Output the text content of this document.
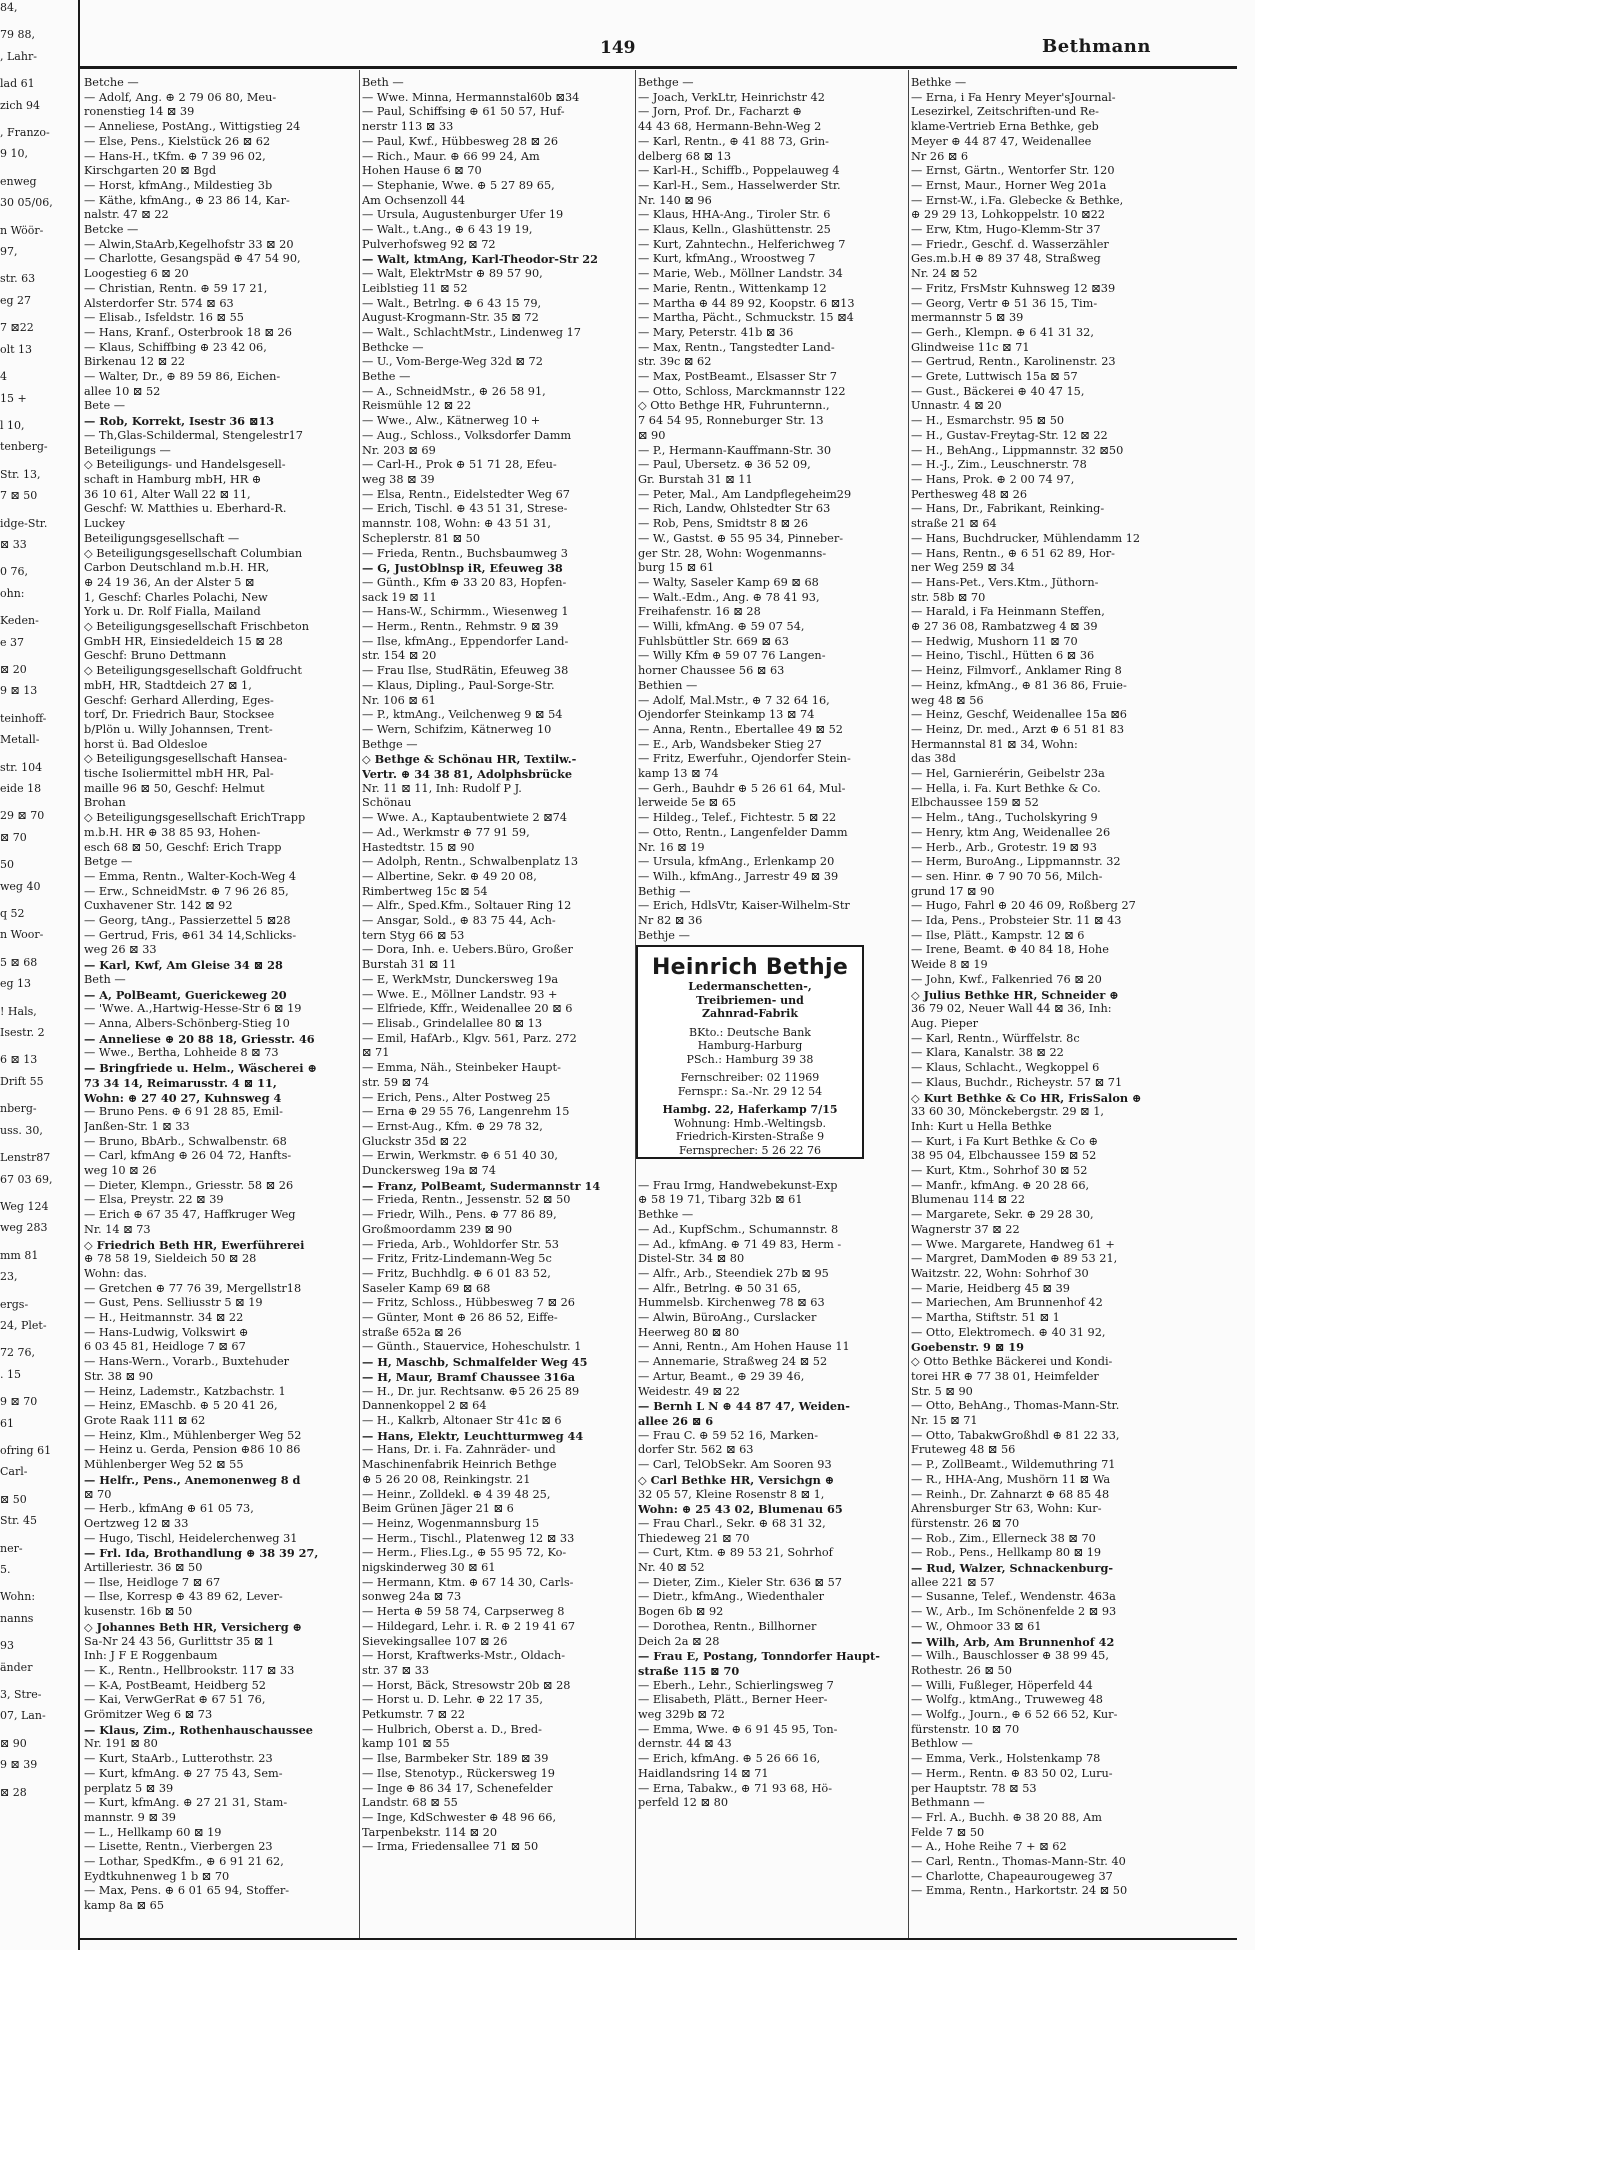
84,
79 88,
, Lahr-
lad 61
zich 94
, Franzo-
9 10,
enweg
30 05/06,
n Wöör-
97,
str. 63
eg 27
7 ⊠22
olt 13
4
15 +
l 10,
tenberg-
Str. 13,
7 ⊠ 50
idge-Str.
⊠ 33
0 76,
ohn:
Keden-
e 37
⊠ 20
9 ⊠ 13
teinhoff-
Metall-
str. 104
eide 18
29 ⊠ 70
⊠ 70
50
weg 40
q 52
n Woor-
5 ⊠ 68
eg 13
! Hals,
Isestr. 2
6 ⊠ 13
Drift 55
nberg-
uss. 30,
Lenstr87
67 03 69,
Weg 124
weg 283
mm 81
23,
ergs-
24, Plet-
72 76,
. 15
9 ⊠ 70
61
ofring 61
Carl-
⊠ 50
Str. 45
ner-
5.
Wohn:
nanns
93
änder
3, Stre-
07, Lan-
⊠ 90
9 ⊠ 39
⊠ 28
149	Bethmann
Betche —
— Adolf, Ang. ⊕ 2 79 06 80, Meu-
ronenstieg 14 ⊠ 39
— Anneliese, PostAng., Wittigstieg 24
— Else, Pens., Kielstück 26 ⊠ 62
— Hans-H., tKfm. ⊕ 7 39 96 02,
Kirschgarten 20 ⊠ Bgd
— Horst, kfmAng., Mildestieg 3b
— Käthe, kfmAng., ⊕ 23 86 14, Kar-
nalstr. 47 ⊠ 22
Betcke —
— Alwin,StaArb,Kegelhofstr 33 ⊠ 20
— Charlotte, Gesangspäd ⊕ 47 54 90,
Loogestieg 6 ⊠ 20
— Christian, Rentn. ⊕ 59 17 21,
Alsterdorfer Str. 574 ⊠ 63
— Elisab., Isfeldstr. 16 ⊠ 55
— Hans, Kranf., Osterbrook 18 ⊠ 26
— Klaus, Schiffbing ⊕ 23 42 06,
Birkenau 12 ⊠ 22
— Walter, Dr., ⊕ 89 59 86, Eichen-
allee 10 ⊠ 52
Bete —
— Rob, Korrekt, Isestr 36 ⊠13
— Th,Glas-Schildermal, Stengelestr17
Beteiligungs —
◇ Beteiligungs- und Handelsgesell-
schaft in Hamburg mbH, HR ⊕
36 10 61, Alter Wall 22 ⊠ 11,
Geschf: W. Matthies u. Eberhard-R.
Luckey
Beteiligungsgesellschaft —
◇ Beteiligungsgesellschaft Columbian
Carbon Deutschland m.b.H. HR,
⊕ 24 19 36, An der Alster 5 ⊠
1, Geschf: Charles Polachi, New
York u. Dr. Rolf Fialla, Mailand
◇ Beteiligungsgesellschaft Frischbeton
GmbH HR, Einsiedeldeich 15 ⊠ 28
Geschf: Bruno Dettmann
◇ Beteiligungsgesellschaft Goldfrucht
mbH, HR, Stadtdeich 27 ⊠ 1,
Geschf: Gerhard Allerding, Eges-
torf, Dr. Friedrich Baur, Stocksee
b/Plön u. Willy Johannsen, Trent-
horst ü. Bad Oldesloe
◇ Beteiligungsgesellschaft Hanseа-
tische Isoliermittel mbH HR, Pal-
maille 96 ⊠ 50, Geschf: Helmut
Brohan
◇ Beteiligungsgesellschaft ErichTrapp
m.b.H. HR ⊕ 38 85 93, Hohen-
esch 68 ⊠ 50, Geschf: Erich Trapp
Betge —
— Emma, Rentn., Walter-Koch-Weg 4
— Erw., SchneidMstr. ⊕ 7 96 26 85,
Cuxhavener Str. 142 ⊠ 92
— Georg, tAng., Passierzettel 5 ⊠28
— Gertrud, Fris, ⊕61 34 14,Schlicks-
weg 26 ⊠ 33
— Karl, Kwf, Am Gleise 34 ⊠ 28
Beth —
— A, PolBeamt, Guerickeweg 20
— 'Wwe. A.,Hartwig-Hesse-Str 6 ⊠ 19
— Anna, Albers-Schönberg-Stieg 10
— Anneliese ⊕ 20 88 18, Griesstr. 46
— Wwe., Bertha, Lohheide 8 ⊠ 73
— Bringfriede u. Helm., Wäscherei ⊕
73 34 14, Reimarusstr. 4 ⊠ 11,
Wohn: ⊕ 27 40 27, Kuhnsweg 4
— Bruno Pens. ⊕ 6 91 28 85, Emil-
Janßen-Str. 1 ⊠ 33
— Bruno, BbArb., Schwalbenstr. 68
— Carl, kfmAng ⊕ 26 04 72, Hanfts-
weg 10 ⊠ 26
— Dieter, Klempn., Griesstr. 58 ⊠ 26
— Elsa, Preystr. 22 ⊠ 39
— Erich ⊕ 67 35 47, Haffkruger Weg
Nr. 14 ⊠ 73
◇ Friedrich Beth HR, Ewerführerei
⊕ 78 58 19, Sieldeich 50 ⊠ 28
Wohn: das.
— Gretchen ⊕ 77 76 39, Mergellstr18
— Gust, Pens. Selliusstr 5 ⊠ 19
— H., Heitmannstr. 34 ⊠ 22
— Hans-Ludwig, Volkswirt ⊕
6 03 45 81, Heidloge 7 ⊠ 67
— Hans-Wern., Vorarb., Buxtehuder
Str. 38 ⊠ 90
— Heinz, Lademstr., Katzbachstr. 1
— Heinz, EMaschb. ⊕ 5 20 41 26,
Grote Raak 111 ⊠ 62
— Heinz, Klm., Mühlenberger Weg 52
— Heinz u. Gerda, Pension ⊕86 10 86
Mühlenberger Weg 52 ⊠ 55
— Helfr., Pens., Anemonenweg 8 d
⊠ 70
— Herb., kfmAng ⊕ 61 05 73,
Oertzweg 12 ⊠ 33
— Hugo, Tischl, Heidelerchenweg 31
— Frl. Ida, Brothandlung ⊕ 38 39 27,
Artilleriestr. 36 ⊠ 50
— Ilse, Heidloge 7 ⊠ 67
— Ilse, Korresp ⊕ 43 89 62, Lever-
kusenstr. 16b ⊠ 50
◇ Johannes Beth HR, Versicherg ⊕
Sa-Nr 24 43 56, Gurlittstr 35 ⊠ 1
Inh: J F E Roggenbaum
— K., Rentn., Hellbrookstr. 117 ⊠ 33
— K-A, PostBeamt, Heidberg 52
— Kai, VerwGerRat ⊕ 67 51 76,
Grömitzer Weg 6 ⊠ 73
— Klaus, Zim., Rothenhausсhaussee
Nr. 191 ⊠ 80
— Kurt, StaArb., Lutterothstr. 23
— Kurt, kfmAng. ⊕ 27 75 43, Sem-
perplatz 5 ⊠ 39
— Kurt, kfmAng. ⊕ 27 21 31, Stam-
mannstr. 9 ⊠ 39
— L., Hellkamp 60 ⊠ 19
— Lisette, Rentn., Vierbergen 23
— Lothar, SpedKfm., ⊕ 6 91 21 62,
Eydtkuhnenweg 1 b ⊠ 70
— Max, Pens. ⊕ 6 01 65 94, Stoffer-
kamp 8a ⊠ 65
Beth —
— Wwe. Minna, Hermannstal60b ⊠34
— Paul, Schiffsing ⊕ 61 50 57, Huf-
nerstr 113 ⊠ 33
— Paul, Kwf., Hübbesweg 28 ⊠ 26
— Rich., Maur. ⊕ 66 99 24, Am
Hohen Hause 6 ⊠ 70
— Stephanie, Wwe. ⊕ 5 27 89 65,
Am Ochsenzoll 44
— Ursula, Augustenburger Ufer 19
— Walt., t.Ang., ⊕ 6 43 19 19,
Pulverhofsweg 92 ⊠ 72
— Walt, ktmAng, Karl-Theodor-Str 22
— Walt, ElektrMstr ⊕ 89 57 90,
Leiblstieg 11 ⊠ 52
— Walt., Betrlng. ⊕ 6 43 15 79,
August-Krogmann-Str. 35 ⊠ 72
— Walt., SchlachtMstr., Lindenweg 17
Bethcke —
— U., Vom-Berge-Weg 32d ⊠ 72
Bethe —
— A., SchneidMstr., ⊕ 26 58 91,
Reismühle 12 ⊠ 22
— Wwe., Alw., Kätnerweg 10 +
— Aug., Schloss., Volksdorfer Damm
Nr. 203 ⊠ 69
— Carl-H., Prok ⊕ 51 71 28, Efeu-
weg 38 ⊠ 39
— Elsa, Rentn., Eidelstedter Weg 67
— Erich, Tischl. ⊕ 43 51 31, Strese-
mannstr. 108, Wohn: ⊕ 43 51 31,
Scheplerstr. 81 ⊠ 50
— Frieda, Rentn., Buchsbaumweg 3
— G, JustOblnsp iR, Efeuweg 38
— Günth., Kfm ⊕ 33 20 83, Hopfen-
sack 19 ⊠ 11
— Hans-W., Schirmm., Wiesenweg 1
— Herm., Rentn., Rehmstr. 9 ⊠ 39
— Ilse, kfmAng., Eppendorfer Land-
str. 154 ⊠ 20
— Frau Ilse, StudRätin, Efeuweg 38
— Klaus, Dipling., Paul-Sorge-Str.
Nr. 106 ⊠ 61
— P., ktmAng., Veilchenweg 9 ⊠ 54
— Wern, Schifzim, Kätnerweg 10
Bethge —
◇ Bethge & Schönau HR, Textilw.-
Vertr. ⊕ 34 38 81, Adolphsbrücke
Nr. 11 ⊠ 11, Inh: Rudolf P J.
Schönau
— Wwe. A., Kaptaubentwiete 2 ⊠74
— Ad., Werkmstr ⊕ 77 91 59,
Hastedtstr. 15 ⊠ 90
— Adolph, Rentn., Schwalbenplatz 13
— Albertine, Sekr. ⊕ 49 20 08,
Rimbertweg 15c ⊠ 54
— Alfr., Sped.Kfm., Soltauer Ring 12
— Ansgar, Sold., ⊕ 83 75 44, Ach-
tern Styg 66 ⊠ 53
— Dora, Inh. e. Uebers.Büro, Großer
Burstah 31 ⊠ 11
— E, WerkMstr, Dunckersweg 19a
— Wwe. E., Möllner Landstr. 93 +
— Elfriede, Kffr., Weidenallee 20 ⊠ 6
— Elisab., Grindelallee 80 ⊠ 13
— Emil, HafArb., Klgv. 561, Parz. 272
⊠ 71
— Emma, Näh., Steinbeker Haupt-
str. 59 ⊠ 74
— Erich, Pens., Alter Postweg 25
— Erna ⊕ 29 55 76, Langenrehm 15
— Ernst-Aug., Kfm. ⊕ 29 78 32,
Gluckstr 35d ⊠ 22
— Erwin, Werkmstr. ⊕ 6 51 40 30,
Dunckersweg 19a ⊠ 74
— Franz, PolBeamt, Sudermannstr 14
— Frieda, Rentn., Jessenstr. 52 ⊠ 50
— Friedr, Wilh., Pens. ⊕ 77 86 89,
Großmoordamm 239 ⊠ 90
— Frieda, Arb., Wohldorfer Str. 53
— Fritz, Fritz-Lindemann-Weg 5c
— Fritz, Buchhdlg. ⊕ 6 01 83 52,
Saseler Kamp 69 ⊠ 68
— Fritz, Schloss., Hübbesweg 7 ⊠ 26
— Günter, Mont ⊕ 26 86 52, Eiffe-
straße 652a ⊠ 26
— Günth., Stauervice, Hoheschulstr. 1
— H, Maschb, Schmalfelder Weg 45
— H, Maur, Bramf Chaussee 316a
— H., Dr. jur. Rechtsanw. ⊕5 26 25 89
Dannenkoppel 2 ⊠ 64
— H., Kalkrb, Altonaer Str 41c ⊠ 6
— Hans, Elektr, Leuchtturmweg 44
— Hans, Dr. i. Fa. Zahnräder- und
Maschinenfabrik Heinrich Bethge
⊕ 5 26 20 08, Reinkingstr. 21
— Heinr., Zolldekl. ⊕ 4 39 48 25,
Beim Grünen Jäger 21 ⊠ 6
— Heinz, Wogenmannsburg 15
— Herm., Tischl., Platenweg 12 ⊠ 33
— Herm., Flies.Lg., ⊕ 55 95 72, Ko-
nigskinderweg 30 ⊠ 61
— Hermann, Ktm. ⊕ 67 14 30, Carls-
sonweg 24a ⊠ 73
— Herta ⊕ 59 58 74, Carpserweg 8
— Hildegard, Lehr. i. R. ⊕ 2 19 41 67
Sievekingsallee 107 ⊠ 26
— Horst, Kraftwerks-Mstr., Oldach-
str. 37 ⊠ 33
— Horst, Bäck, Stresowstr 20b ⊠ 28
— Horst u. D. Lehr. ⊕ 22 17 35,
Petkumstr. 7 ⊠ 22
— Hulbrich, Oberst a. D., Bred-
kamp 101 ⊠ 55
— Ilse, Barmbeker Str. 189 ⊠ 39
— Ilse, Stenotyp., Rückersweg 19
— Inge ⊕ 86 34 17, Schenefelder
Landstr. 68 ⊠ 55
— Inge, KdSchwester ⊕ 48 96 66,
Tarpenbekstr. 114 ⊠ 20
— Irma, Friedensallee 71 ⊠ 50
Bethge —
— Joach, VerkLtr, Heinrichstr 42
— Jorn, Prof. Dr., Facharzt ⊕
44 43 68, Hermann-Behn-Weg 2
— Karl, Rentn., ⊕ 41 88 73, Grin-
delberg 68 ⊠ 13
— Karl-H., Schiffb., Poppelauweg 4
— Karl-H., Sem., Hasselwerder Str.
Nr. 140 ⊠ 96
— Klaus, HHA-Ang., Tiroler Str. 6
— Klaus, Kelln., Glashüttenstr. 25
— Kurt, Zahntechn., Helferichweg 7
— Kurt, kfmAng., Wroostweg 7
— Marie, Web., Möllner Landstr. 34
— Marie, Rentn., Wittenkamp 12
— Martha ⊕ 44 89 92, Koopstr. 6 ⊠13
— Martha, Pächt., Schmuckstr. 15 ⊠4
— Mary, Peterstr. 41b ⊠ 36
— Max, Rentn., Tangstedter Land-
str. 39c ⊠ 62
— Max, PostBeamt., Elsasser Str 7
— Otto, Schloss, Marckmannstr 122
◇ Otto Bethge HR, Fuhrunternn.,
7 64 54 95, Ronneburger Str. 13
⊠ 90
— P., Hermann-Kauffmann-Str. 30
— Paul, Ubersetz. ⊕ 36 52 09,
Gr. Burstah 31 ⊠ 11
— Peter, Mal., Am Landpflegeheim29
— Rich, Landw, Ohlstedter Str 63
— Rob, Pens, Smidtstr 8 ⊠ 26
— W., Gastst. ⊕ 55 95 34, Pinnеber-
ger Str. 28, Wohn: Wogenmanns-
burg 15 ⊠ 61
— Walty, Saseler Kamp 69 ⊠ 68
— Walt.-Edm., Ang. ⊕ 78 41 93,
Freihafenstr. 16 ⊠ 28
— Willi, kfmAng. ⊕ 59 07 54,
Fuhlsbüttler Str. 669 ⊠ 63
— Willy Kfm ⊕ 59 07 76 Langen-
horner Chaussee 56 ⊠ 63
Bethien —
— Adolf, Mal.Mstr., ⊕ 7 32 64 16,
Ojendorfer Steinkamp 13 ⊠ 74
— Anna, Rentn., Ebertallee 49 ⊠ 52
— E., Arb, Wandsbeker Stieg 27
— Fritz, Ewerfuhr., Ojendorfer Stein-
kamp 13 ⊠ 74
— Gerh., Bauhdr ⊕ 5 26 61 64, Mul-
lerweide 5e ⊠ 65
— Hildeg., Telef., Fichtestr. 5 ⊠ 22
— Otto, Rentn., Langenfelder Damm
Nr. 16 ⊠ 19
— Ursula, kfmAng., Erlenkamp 20
— Wilh., kfmAng., Jarrestr 49 ⊠ 39
Bethig —
— Erich, HdlsVtr, Kaiser-Wilhelm-Str
Nr 82 ⊠ 36
Bethje —

— Frau Irmg, Handwebekunst-Exp
⊕ 58 19 71, Tibarg 32b ⊠ 61
Bethke —
— Ad., KupfSchm., Schumannstr. 8
— Ad., kfmAng. ⊕ 71 49 83, Herm -
Distel-Str. 34 ⊠ 80
— Alfr., Arb., Steendiek 27b ⊠ 95
— Alfr., Betrlng. ⊕ 50 31 65,
Hummelsb. Kirchenweg 78 ⊠ 63
— Alwin, BüroAng., Curslacker
Heerweg 80 ⊠ 80
— Anni, Rentn., Am Hohen Hause 11
— Annemarie, Straßweg 24 ⊠ 52
— Artur, Beamt., ⊕ 29 39 46,
Weidestr. 49 ⊠ 22
— Bernh L N ⊕ 44 87 47, Weiden-
allee 26 ⊠ 6
— Frau C. ⊕ 59 52 16, Marken-
dorfer Str. 562 ⊠ 63
— Carl, TelObSekr. Am Sooren 93
◇ Carl Bethke HR, Versichgn ⊕
32 05 57, Kleine Rosenstr 8 ⊠ 1,
Wohn: ⊕ 25 43 02, Blumenau 65
— Frau Charl., Sekr. ⊕ 68 31 32,
Thiedeweg 21 ⊠ 70
— Curt, Ktm. ⊕ 89 53 21, Sohrhof
Nr. 40 ⊠ 52
— Dieter, Zim., Kieler Str. 636 ⊠ 57
— Dietr., kfmAng., Wiedenthaler
Bogen 6b ⊠ 92
— Dorothea, Rentn., Billhorner
Deich 2a ⊠ 28
— Frau E, Postang, Tonndorfer Haupt-
straße 115 ⊠ 70
— Eberh., Lehr., Schierlingsweg 7
— Elisabeth, Plätt., Berner Heer-
weg 329b ⊠ 72
— Emma, Wwe. ⊕ 6 91 45 95, Ton-
dernstr. 44 ⊠ 43
— Erich, kfmAng. ⊕ 5 26 66 16,
Haidlandsring 14 ⊠ 71
— Erna, Tabakw., ⊕ 71 93 68, Hö-
perfeld 12 ⊠ 80
Bethke —
— Erna, i Fa Henry Meyer'sJournal-
Lesezirkel, Zeitschriften-und Re-
klame-Vertrieb Erna Bethke, geb
Meyer ⊕ 44 87 47, Weidenallee
Nr 26 ⊠ 6
— Ernst, Gärtn., Wentorfer Str. 120
— Ernst, Maur., Horner Weg 201a
— Ernst-W., i.Fa. Glebecke & Bethke,
⊕ 29 29 13, Lohkoppelstr. 10 ⊠22
— Erw, Ktm, Hugo-Klemm-Str 37
— Friedr., Geschf. d. Wasserzähler
Ges.m.b.H ⊕ 89 37 48, Straßweg
Nr. 24 ⊠ 52
— Fritz, FrsMstr Kuhnsweg 12 ⊠39
— Georg, Vertr ⊕ 51 36 15, Tim-
mermannstr 5 ⊠ 39
— Gerh., Klempn. ⊕ 6 41 31 32,
Glindweise 11c ⊠ 71
— Gertrud, Rentn., Karolinenstr. 23
— Grete, Luttwisch 15a ⊠ 57
— Gust., Bäckerei ⊕ 40 47 15,
Unnastr. 4 ⊠ 20
— H., Esmarchstr. 95 ⊠ 50
— H., Gustav-Freytag-Str. 12 ⊠ 22
— H., BehAng., Lippmannstr. 32 ⊠50
— H.-J., Zim., Leuschnerstr. 78
— Hans, Prok. ⊕ 2 00 74 97,
Perthesweg 48 ⊠ 26
— Hans, Dr., Fabrikant, Reinking-
straße 21 ⊠ 64
— Hans, Buchdrucker, Mühlendamm 12
— Hans, Rentn., ⊕ 6 51 62 89, Hor-
ner Weg 259 ⊠ 34
— Hans-Pet., Vers.Ktm., Jüthorn-
str. 58b ⊠ 70
— Harald, i Fa Heinmann Steffen,
⊕ 27 36 08, Rambatzweg 4 ⊠ 39
— Hedwig, Mushorn 11 ⊠ 70
— Heino, Tischl., Hütten 6 ⊠ 36
— Heinz, Filmvorf., Anklamer Ring 8
— Heinz, kfmAng., ⊕ 81 36 86, Fruie-
weg 48 ⊠ 56
— Heinz, Geschf, Weidenallee 15a ⊠6
— Heinz, Dr. med., Arzt ⊕ 6 51 81 83
Hermannstal 81 ⊠ 34, Wohn:
das 38d
— Hel, Garnierérin, Geibelstr 23a
— Hella, i. Fa. Kurt Bethke & Co.
Elbchaussee 159 ⊠ 52
— Helm., tAng., Tucholskyring 9
— Henry, ktm Ang, Weidenallee 26
— Herb., Arb., Grotestr. 19 ⊠ 93
— Herm, BuroAng., Lippmannstr. 32
— sen. Hinr. ⊕ 7 90 70 56, Milch-
grund 17 ⊠ 90
— Hugo, Fahrl ⊕ 20 46 09, Roßberg 27
— Ida, Pens., Probsteier Str. 11 ⊠ 43
— Ilse, Plätt., Kampstr. 12 ⊠ 6
— Irene, Beamt. ⊕ 40 84 18, Hohe
Weide 8 ⊠ 19
— John, Kwf., Falkenried 76 ⊠ 20
◇ Julius Bethke HR, Schneider ⊕
36 79 02, Neuer Wall 44 ⊠ 36, Inh:
Aug. Pieper
— Karl, Rentn., Würffelstr. 8c
— Klara, Kanalstr. 38 ⊠ 22
— Klaus, Schlacht., Wegkoppel 6
— Klaus, Buchdr., Richeystr. 57 ⊠ 71
◇ Kurt Bethke & Co HR, FrisSalon ⊕
33 60 30, Mönckebergstr. 29 ⊠ 1,
Inh: Kurt u Hella Bethke
— Kurt, i Fa Kurt Bethke & Co ⊕
38 95 04, Elbchaussee 159 ⊠ 52
— Kurt, Ktm., Sohrhof 30 ⊠ 52
— Manfr., kfmAng. ⊕ 20 28 66,
Blumenau 114 ⊠ 22
— Margarete, Sekr. ⊕ 29 28 30,
Wagnerstr 37 ⊠ 22
— Wwe. Margarete, Handweg 61 +
— Margret, DamModen ⊕ 89 53 21,
Waitzstr. 22, Wohn: Sohrhof 30
— Marie, Heidberg 45 ⊠ 39
— Mariechen, Am Brunnenhof 42
— Martha, Stiftstr. 51 ⊠ 1
— Otto, Elektromech. ⊕ 40 31 92,
Goebenstr. 9 ⊠ 19
◇ Otto Bethke Bäckerei und Kondi-
torei HR ⊕ 77 38 01, Heimfelder
Str. 5 ⊠ 90
— Otto, BehAng., Thomas-Mann-Str.
Nr. 15 ⊠ 71
— Otto, TabakwGroßhdl ⊕ 81 22 33,
Fruteweg 48 ⊠ 56
— P., ZollBeamt., Wildemuthring 71
— R., HHA-Ang, Mushörn 11 ⊠ Wa
— Reinh., Dr. Zahnarzt ⊕ 68 85 48
Ahrensburger Str 63, Wohn: Kur-
fürstenstr. 26 ⊠ 70
— Rob., Zim., Ellerneck 38 ⊠ 70
— Rob., Pens., Hellkamp 80 ⊠ 19
— Rud, Walzer, Schnackenburg-
allee 221 ⊠ 57
— Susanne, Telef., Wendenstr. 463a
— W., Arb., Im Schönenfelde 2 ⊠ 93
— W., Ohmoor 33 ⊠ 61
— Wilh, Arb, Am Brunnenhof 42
— Wilh., Bauschlosser ⊕ 38 99 45,
Rothestr. 26 ⊠ 50
— Willi, Fußleger, Höperfeld 44
— Wolfg., ktmAng., Truweweg 48
— Wolfg., Journ., ⊕ 6 52 66 52, Kur-
fürstenstr. 10 ⊠ 70
Bethlow —
— Emma, Verk., Holstenkamp 78
— Herm., Rentn. ⊕ 83 50 02, Luru-
per Hauptstr. 78 ⊠ 53
Bethmann —
— Frl. A., Buchh. ⊕ 38 20 88, Am
Felde 7 ⊠ 50
— A., Hohe Reihe 7 + ⊠ 62
— Carl, Rentn., Thomas-Mann-Str. 40
— Charlotte, Chapeaurougeweg 37
— Emma, Rentn., Harkortstr. 24 ⊠ 50
Heinrich Bethje
Ledermanschetten-,
Treibriemen- und
Zahnrad-Fabrik
BKto.: Deutsche Bank
Hamburg-Harburg
PSch.: Hamburg 39 38
Fernschreiber: 02 11969
Fernspr.: Sa.-Nr. 29 12 54
Hambg. 22, Haferkamp 7/15
Wohnung: Hmb.-Weltingsb.
Friedrich-Kirsten-Straße 9
Fernsprecher: 5 26 22 76
